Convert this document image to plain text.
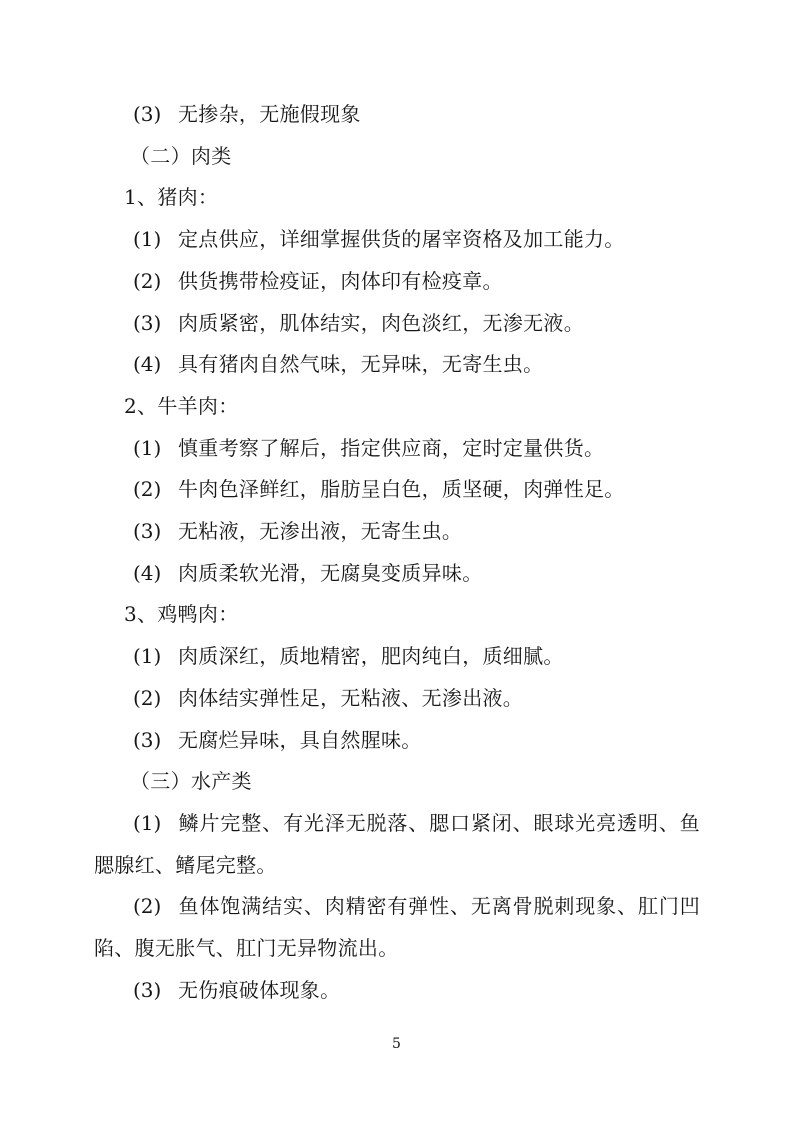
(3) 无掺杂，无施假现象

（二）肉类

1、猪肉：

(1) 定点供应，详细掌握供货的屠宰资格及加工能力。

(2) 供货携带检疫证，肉体印有检疫章。

(3) 肉质紧密，肌体结实，肉色淡红，无渗无液。

(4) 具有猪肉自然气味，无异味，无寄生虫。

2、牛羊肉：

(1) 慎重考察了解后，指定供应商，定时定量供货。

(2) 牛肉色泽鲜红，脂肪呈白色，质坚硬，肉弹性足。

(3) 无粘液，无渗出液，无寄生虫。

(4) 肉质柔软光滑，无腐臭变质异味。

3、鸡鸭肉：

(1) 肉质深红，质地精密，肥肉纯白，质细腻。

(2) 肉体结实弹性足，无粘液、无渗出液。

(3) 无腐烂异味，具自然腥味。

（三）水产类

(1) 鳞片完整、有光泽无脱落、腮口紧闭、眼球光亮透明、鱼腮腺红、鳍尾完整。

(2) 鱼体饱满结实、肉精密有弹性、无离骨脱刺现象、肛门凹陷、腹无胀气、肛门无异物流出。

(3) 无伤痕破体现象。

5
